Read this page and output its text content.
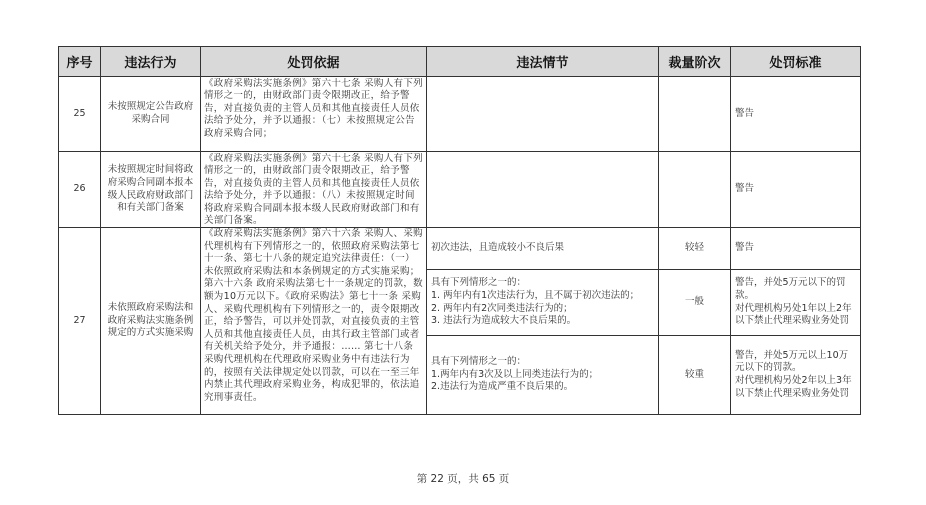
序号	违法行为	处罚依据	违法情节	裁量阶次	处罚标准
25	未按照规定公告政府采购合同	《政府采购法实施条例》第六十七条 采购人有下列情形之一的，由财政部门责令限期改正，给予警告，对直接负责的主管人员和其他直接责任人员依法给予处分，并予以通报：（七）未按照规定公告政府采购合同；			警告

26	未按照规定时间将政府采购合同副本报本级人民政府财政部门和有关部门备案	《政府采购法实施条例》第六十七条 采购人有下列情形之一的，由财政部门责令限期改正，给予警告，对直接负责的主管人员和其他直接责任人员依法给予处分，并予以通报：（八）未按照规定时间将政府采购合同副本报本级人民政府财政部门和有关部门备案。			警告

27	未依照政府采购法和政府采购法实施条例规定的方式实施采购	《政府采购法实施条例》第六十六条 采购人、采购代理机构有下列情形之一的，依照政府采购法第七十一条、第七十八条的规定追究法律责任：（一）未依照政府采购法和本条例规定的方式实施采购； 第六十六条 政府采购法第七十一条规定的罚款，数额为10万元以下。《政府采购法》第七十一条 采购人、采购代理机构有下列情形之一的，责令限期改正，给予警告，可以并处罚款，对直接负责的主管人员和其他直接责任人员，由其行政主管部门或者有关机关给予处分，并予通报：…… 第七十八条 采购代理机构在代理政府采购业务中有违法行为的，按照有关法律规定处以罚款，可以在一至三年内禁止其代理政府采购业务，构成犯罪的，依法追究刑事责任。	初次违法，且造成较小不良后果	较轻	警告

			具有下列情形之一的：
1. 两年内有1次违法行为，且不属于初次违法的；
2. 两年内有2次同类违法行为的；
3. 违法行为造成较大不良后果的。	一般	警告，并处5万元以下的罚款。
对代理机构另处1年以上2年以下禁止代理采购业务处罚

			具有下列情形之一的：
1.两年内有3次及以上同类违法行为的；
2.违法行为造成严重不良后果的。	较重	警告，并处5万元以上10万元以下的罚款。
对代理机构另处2年以上3年以下禁止代理采购业务处罚
第 22 页，共 65 页
